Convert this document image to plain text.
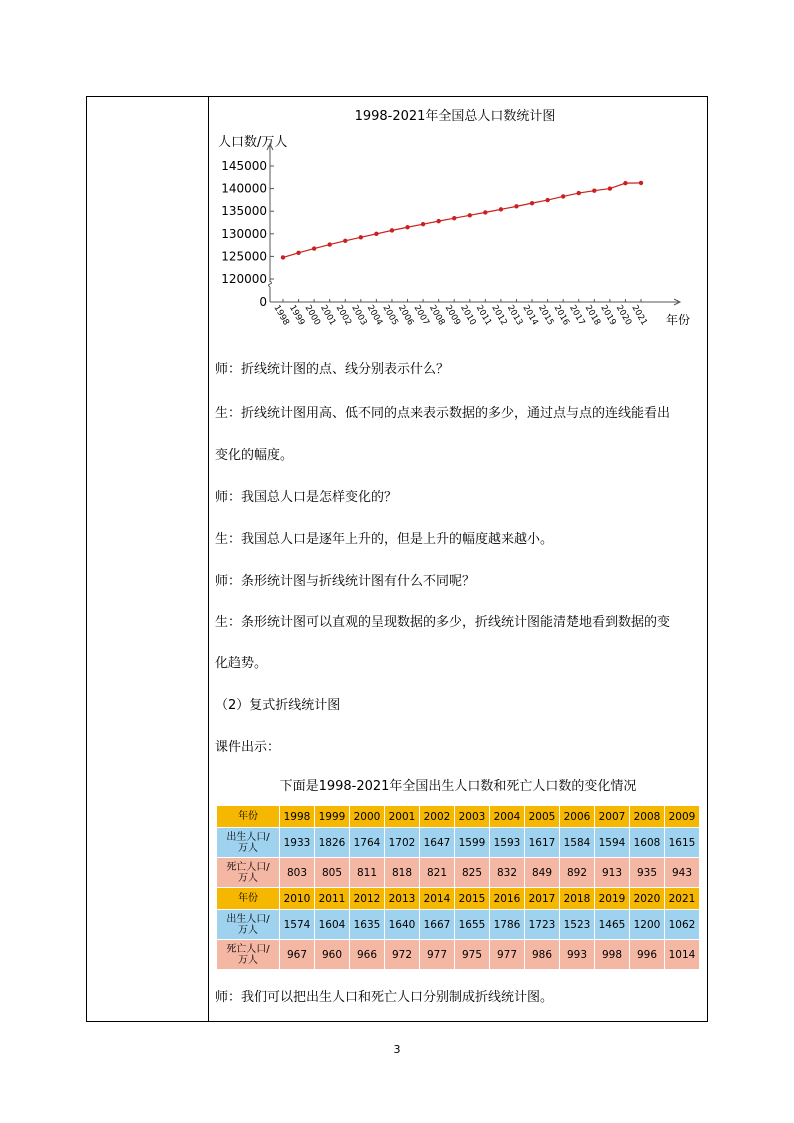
1998-2021年全国总人口数统计图
人口数/万人
年份
0
120000
125000
130000
135000
140000
145000
1998
1999
2000
2001
2002
2003
2004
2005
2006
2007
2008
2009
2010
2011
2012
2013
2014
2015
2016
2017
2018
2019
2020
2021
师：折线统计图的点、线分别表示什么？
生：折线统计图用高、低不同的点来表示数据的多少，通过点与点的连线能看出
变化的幅度。
师：我国总人口是怎样变化的？
生：我国总人口是逐年上升的，但是上升的幅度越来越小。
师：条形统计图与折线统计图有什么不同呢？
生：条形统计图可以直观的呈现数据的多少，折线统计图能清楚地看到数据的变
化趋势。
（2）复式折线统计图
课件出示：
下面是1998-2021年全国出生人口数和死亡人口数的变化情况
年份	1998	1999	2000	2001	2002	2003	2004	2005	2006	2007	2008	2009
出生人口/
万人	1933	1826	1764	1702	1647	1599	1593	1617	1584	1594	1608	1615
死亡人口/
万人	803	805	811	818	821	825	832	849	892	913	935	943
年份	2010	2011	2012	2013	2014	2015	2016	2017	2018	2019	2020	2021
出生人口/
万人	1574	1604	1635	1640	1667	1655	1786	1723	1523	1465	1200	1062
死亡人口/
万人	967	960	966	972	977	975	977	986	993	998	996	1014
师：我们可以把出生人口和死亡人口分别制成折线统计图。
3
